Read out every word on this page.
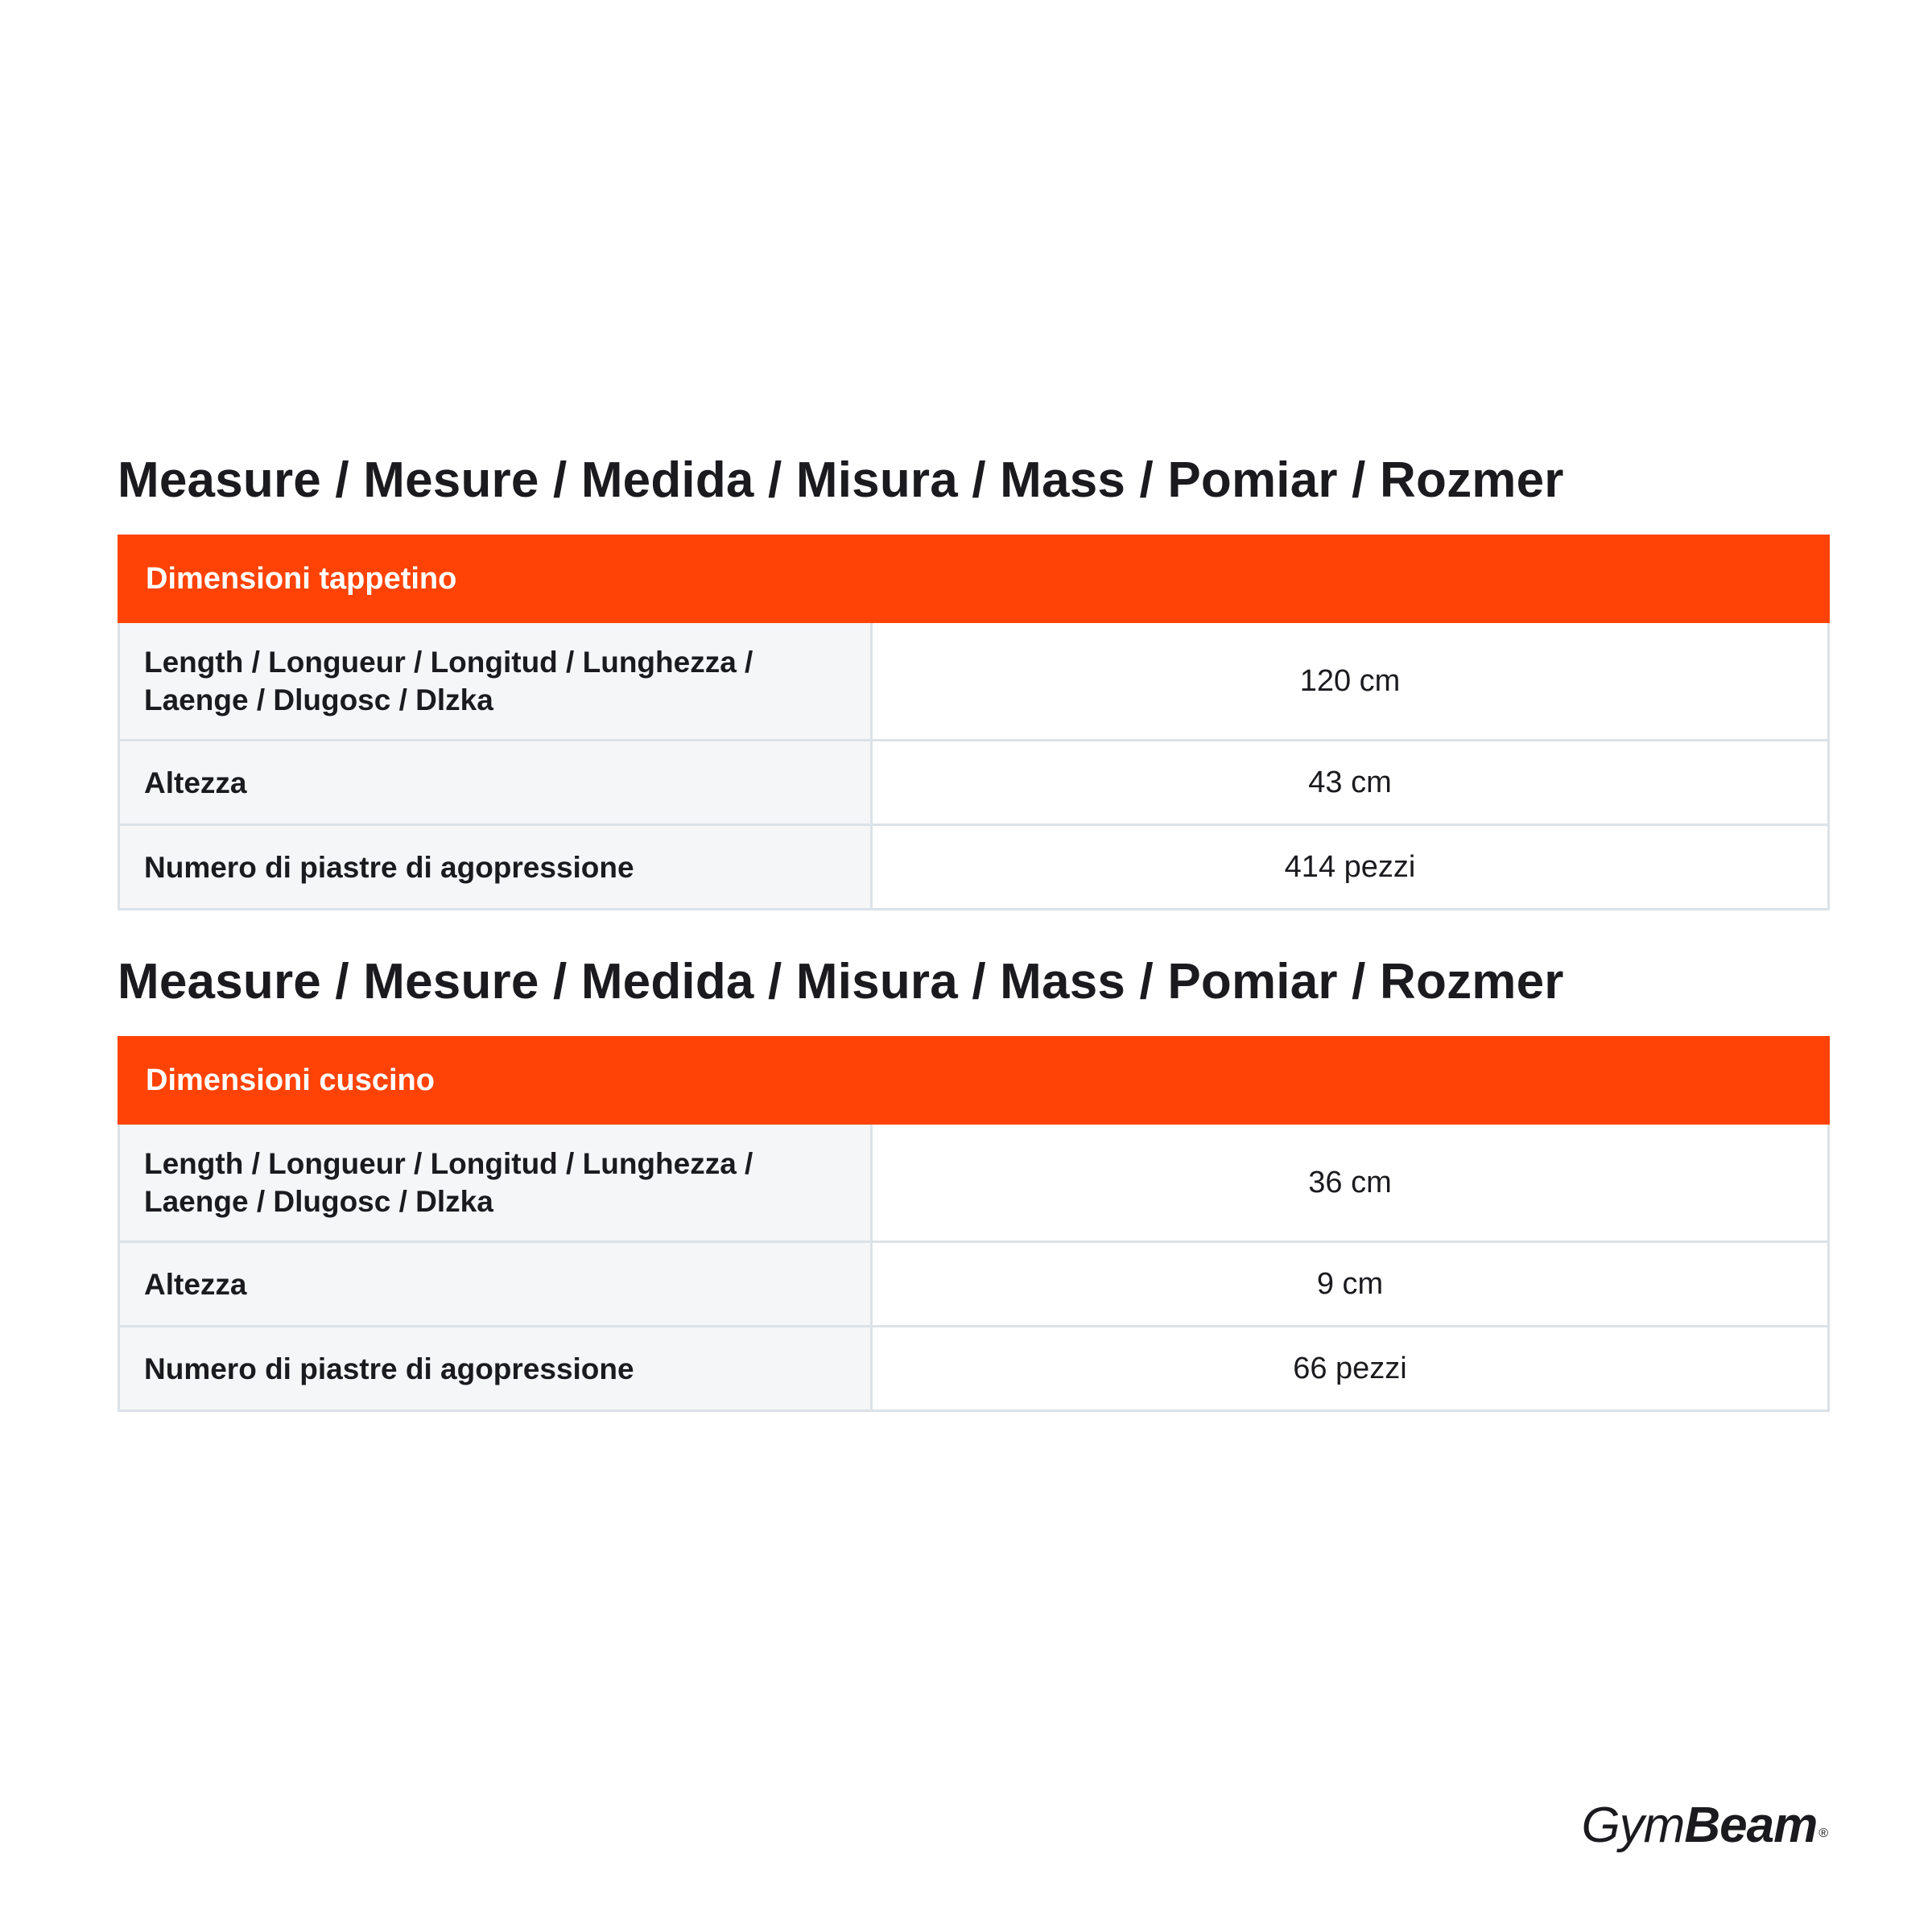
Measure / Mesure / Medida / Misura / Mass / Pomiar / Rozmer
Dimensioni tappetino	
Length / Longueur / Longitud / Lunghezza / Laenge / Dlugosc / Dlzka	120 cm
Altezza	43 cm
Numero di piastre di agopressione	414 pezzi
Measure / Mesure / Medida / Misura / Mass / Pomiar / Rozmer
Dimensioni cuscino	
Length / Longueur / Longitud / Lunghezza / Laenge / Dlugosc / Dlzka	36 cm
Altezza	9 cm
Numero di piastre di agopressione	66 pezzi
GymBeam ®
